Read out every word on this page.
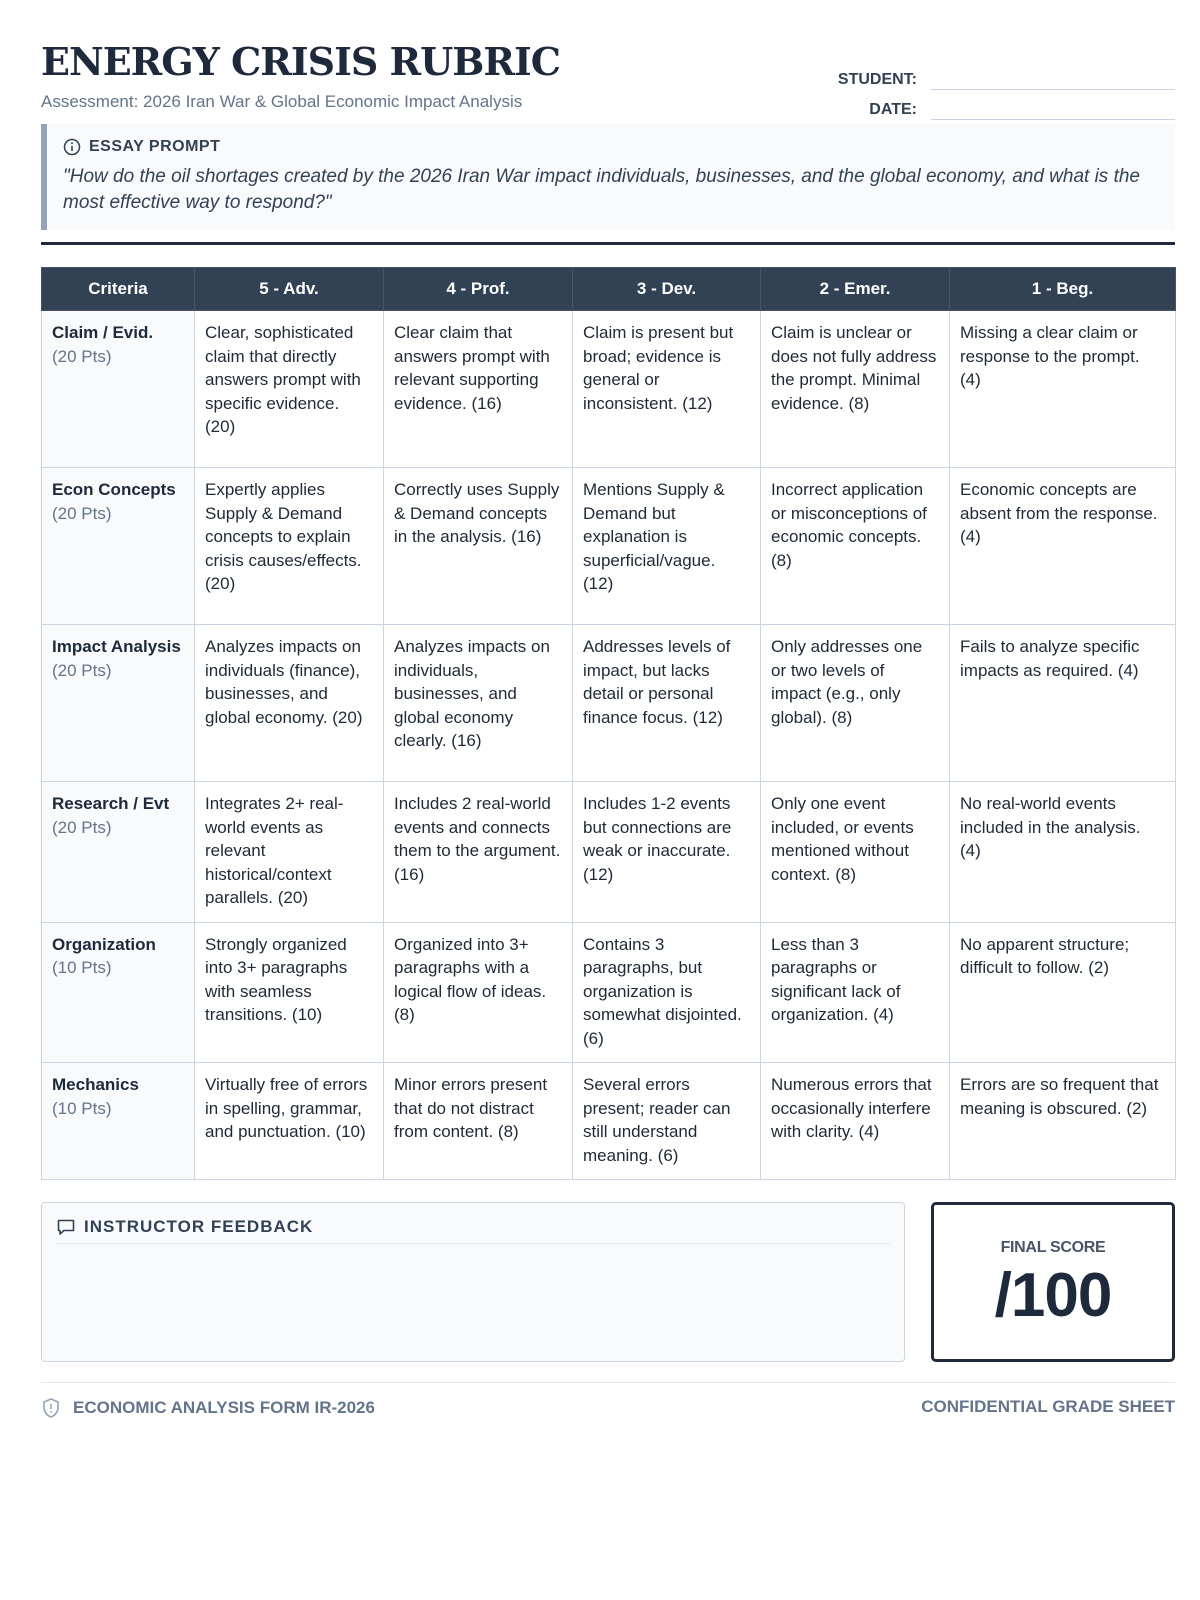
ENERGY CRISIS RUBRIC
Assessment: 2026 Iran War & Global Economic Impact Analysis
STUDENT:
DATE:
ESSAY PROMPT
"How do the oil shortages created by the 2026 Iran War impact individuals, businesses, and the global economy, and what is the most effective way to respond?"
Criteria	5 - Adv.	4 - Prof.	3 - Dev.	2 - Emer.	1 - Beg.

Claim / Evid.
(20 Pts)	Clear, sophisticated claim that directly answers prompt with specific evidence. (20)	Clear claim that answers prompt with relevant supporting evidence. (16)	Claim is present but broad; evidence is general or inconsistent. (12)	Claim is unclear or does not fully address the prompt. Minimal evidence. (8)	Missing a clear claim or response to the prompt. (4)

Econ Concepts
(20 Pts)	Expertly applies Supply & Demand concepts to explain crisis causes/effects. (20)	Correctly uses Supply & Demand concepts in the analysis. (16)	Mentions Supply & Demand but explanation is superficial/vague. (12)	Incorrect application or misconceptions of economic concepts. (8)	Economic concepts are absent from the response. (4)

Impact Analysis
(20 Pts)	Analyzes impacts on individuals (finance), businesses, and global economy. (20)	Analyzes impacts on individuals, businesses, and global economy clearly. (16)	Addresses levels of impact, but lacks detail or personal finance focus. (12)	Only addresses one or two levels of impact (e.g., only global). (8)	Fails to analyze specific impacts as required. (4)

Research / Evt
(20 Pts)	Integrates 2+ real-world events as relevant historical/context parallels. (20)	Includes 2 real-world events and connects them to the argument. (16)	Includes 1-2 events but connections are weak or inaccurate. (12)	Only one event included, or events mentioned without context. (8)	No real-world events included in the analysis. (4)

Organization
(10 Pts)	Strongly organized into 3+ paragraphs with seamless transitions. (10)	Organized into 3+ paragraphs with a logical flow of ideas. (8)	Contains 3 paragraphs, but organization is somewhat disjointed. (6)	Less than 3 paragraphs or significant lack of organization. (4)	No apparent structure; difficult to follow. (2)

Mechanics
(10 Pts)	Virtually free of errors in spelling, grammar, and punctuation. (10)	Minor errors present that do not distract from content. (8)	Several errors present; reader can still understand meaning. (6)	Numerous errors that occasionally interfere with clarity. (4)	Errors are so frequent that meaning is obscured. (2)
INSTRUCTOR FEEDBACK
FINAL SCORE
/100
ECONOMIC ANALYSIS FORM IR-2026	CONFIDENTIAL GRADE SHEET
